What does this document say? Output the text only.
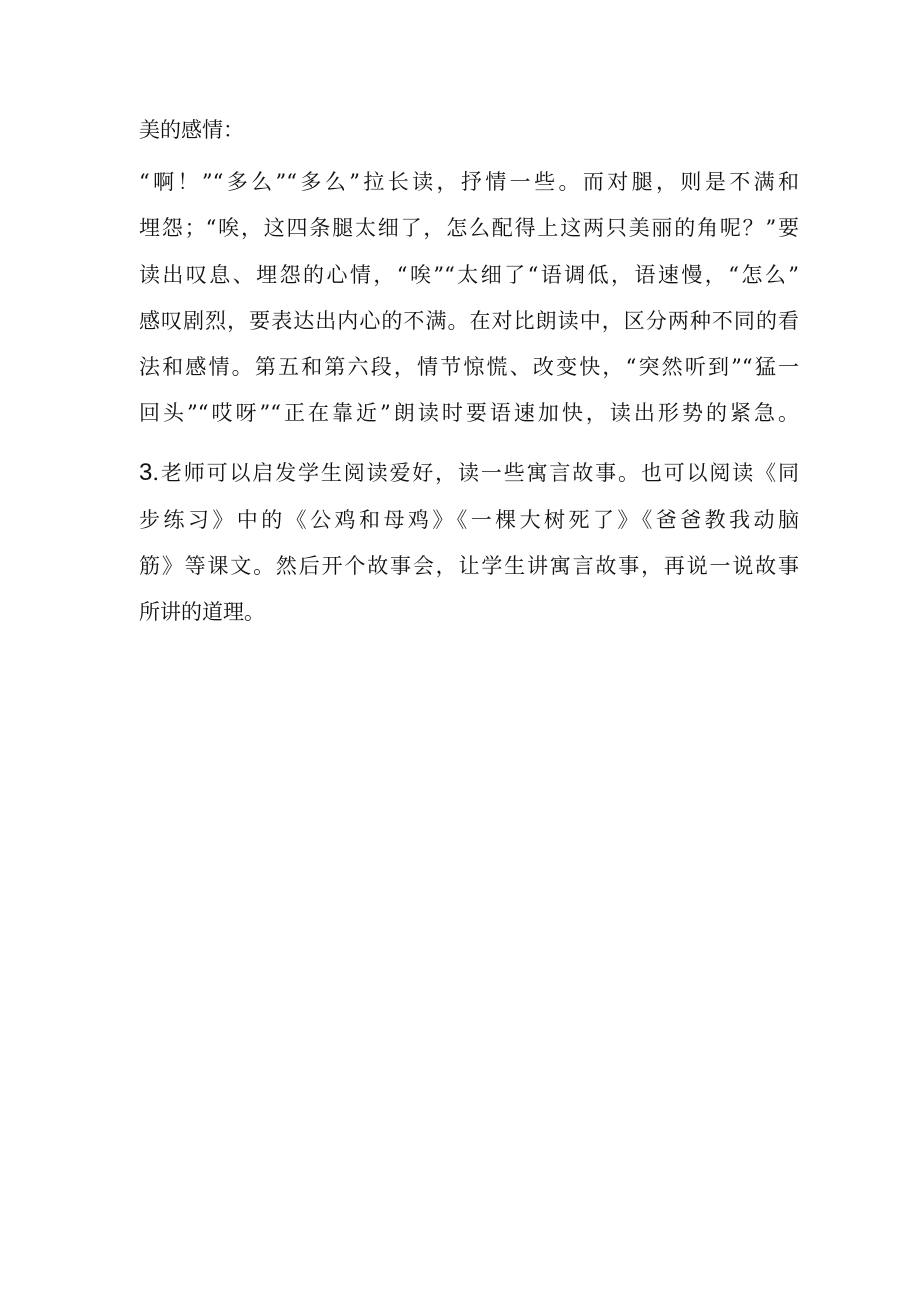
美的感情：
“啊！”“多么”“多么”拉长读，抒情一些。而对腿，则是不满和
埋怨；“唉，这四条腿太细了，怎么配得上这两只美丽的角呢？”要
读出叹息、埋怨的心情，“唉”“太细了“语调低，语速慢，“怎么”
感叹剧烈，要表达出内心的不满。在对比朗读中，区分两种不同的看
法和感情。第五和第六段，情节惊慌、改变快，“突然听到”“猛一
回头”“哎呀”“正在靠近”朗读时要语速加快，读出形势的紧急。
3.老师可以启发学生阅读爱好，读一些寓言故事。也可以阅读《同
步练习》中的《公鸡和母鸡》《一棵大树死了》《爸爸教我动脑
筋》等课文。然后开个故事会，让学生讲寓言故事，再说一说故事
所讲的道理。
